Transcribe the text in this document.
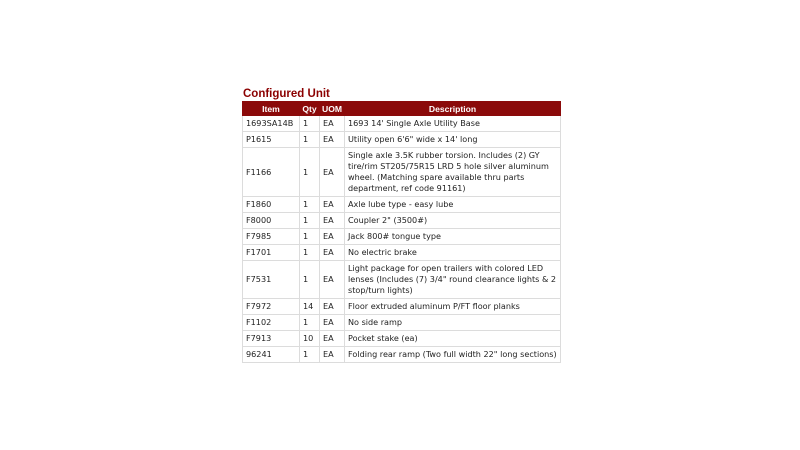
Configured Unit
Item	Qty	UOM	Description
1693SA14B	1	EA	1693 14' Single Axle Utility Base
P1615	1	EA	Utility open 6'6" wide x 14' long
F1166	1	EA	Single axle 3.5K rubber torsion. Includes (2) GY tire/rim ST205/75R15 LRD 5 hole silver aluminum wheel. (Matching spare available thru parts department, ref code 91161)
F1860	1	EA	Axle lube type - easy lube
F8000	1	EA	Coupler 2" (3500#)
F7985	1	EA	Jack 800# tongue type
F1701	1	EA	No electric brake
F7531	1	EA	Light package for open trailers with colored LED lenses (Includes (7) 3/4" round clearance lights & 2 stop/turn lights)
F7972	14	EA	Floor extruded aluminum P/FT floor planks
F1102	1	EA	No side ramp
F7913	10	EA	Pocket stake (ea)
96241	1	EA	Folding rear ramp (Two full width 22" long sections)
